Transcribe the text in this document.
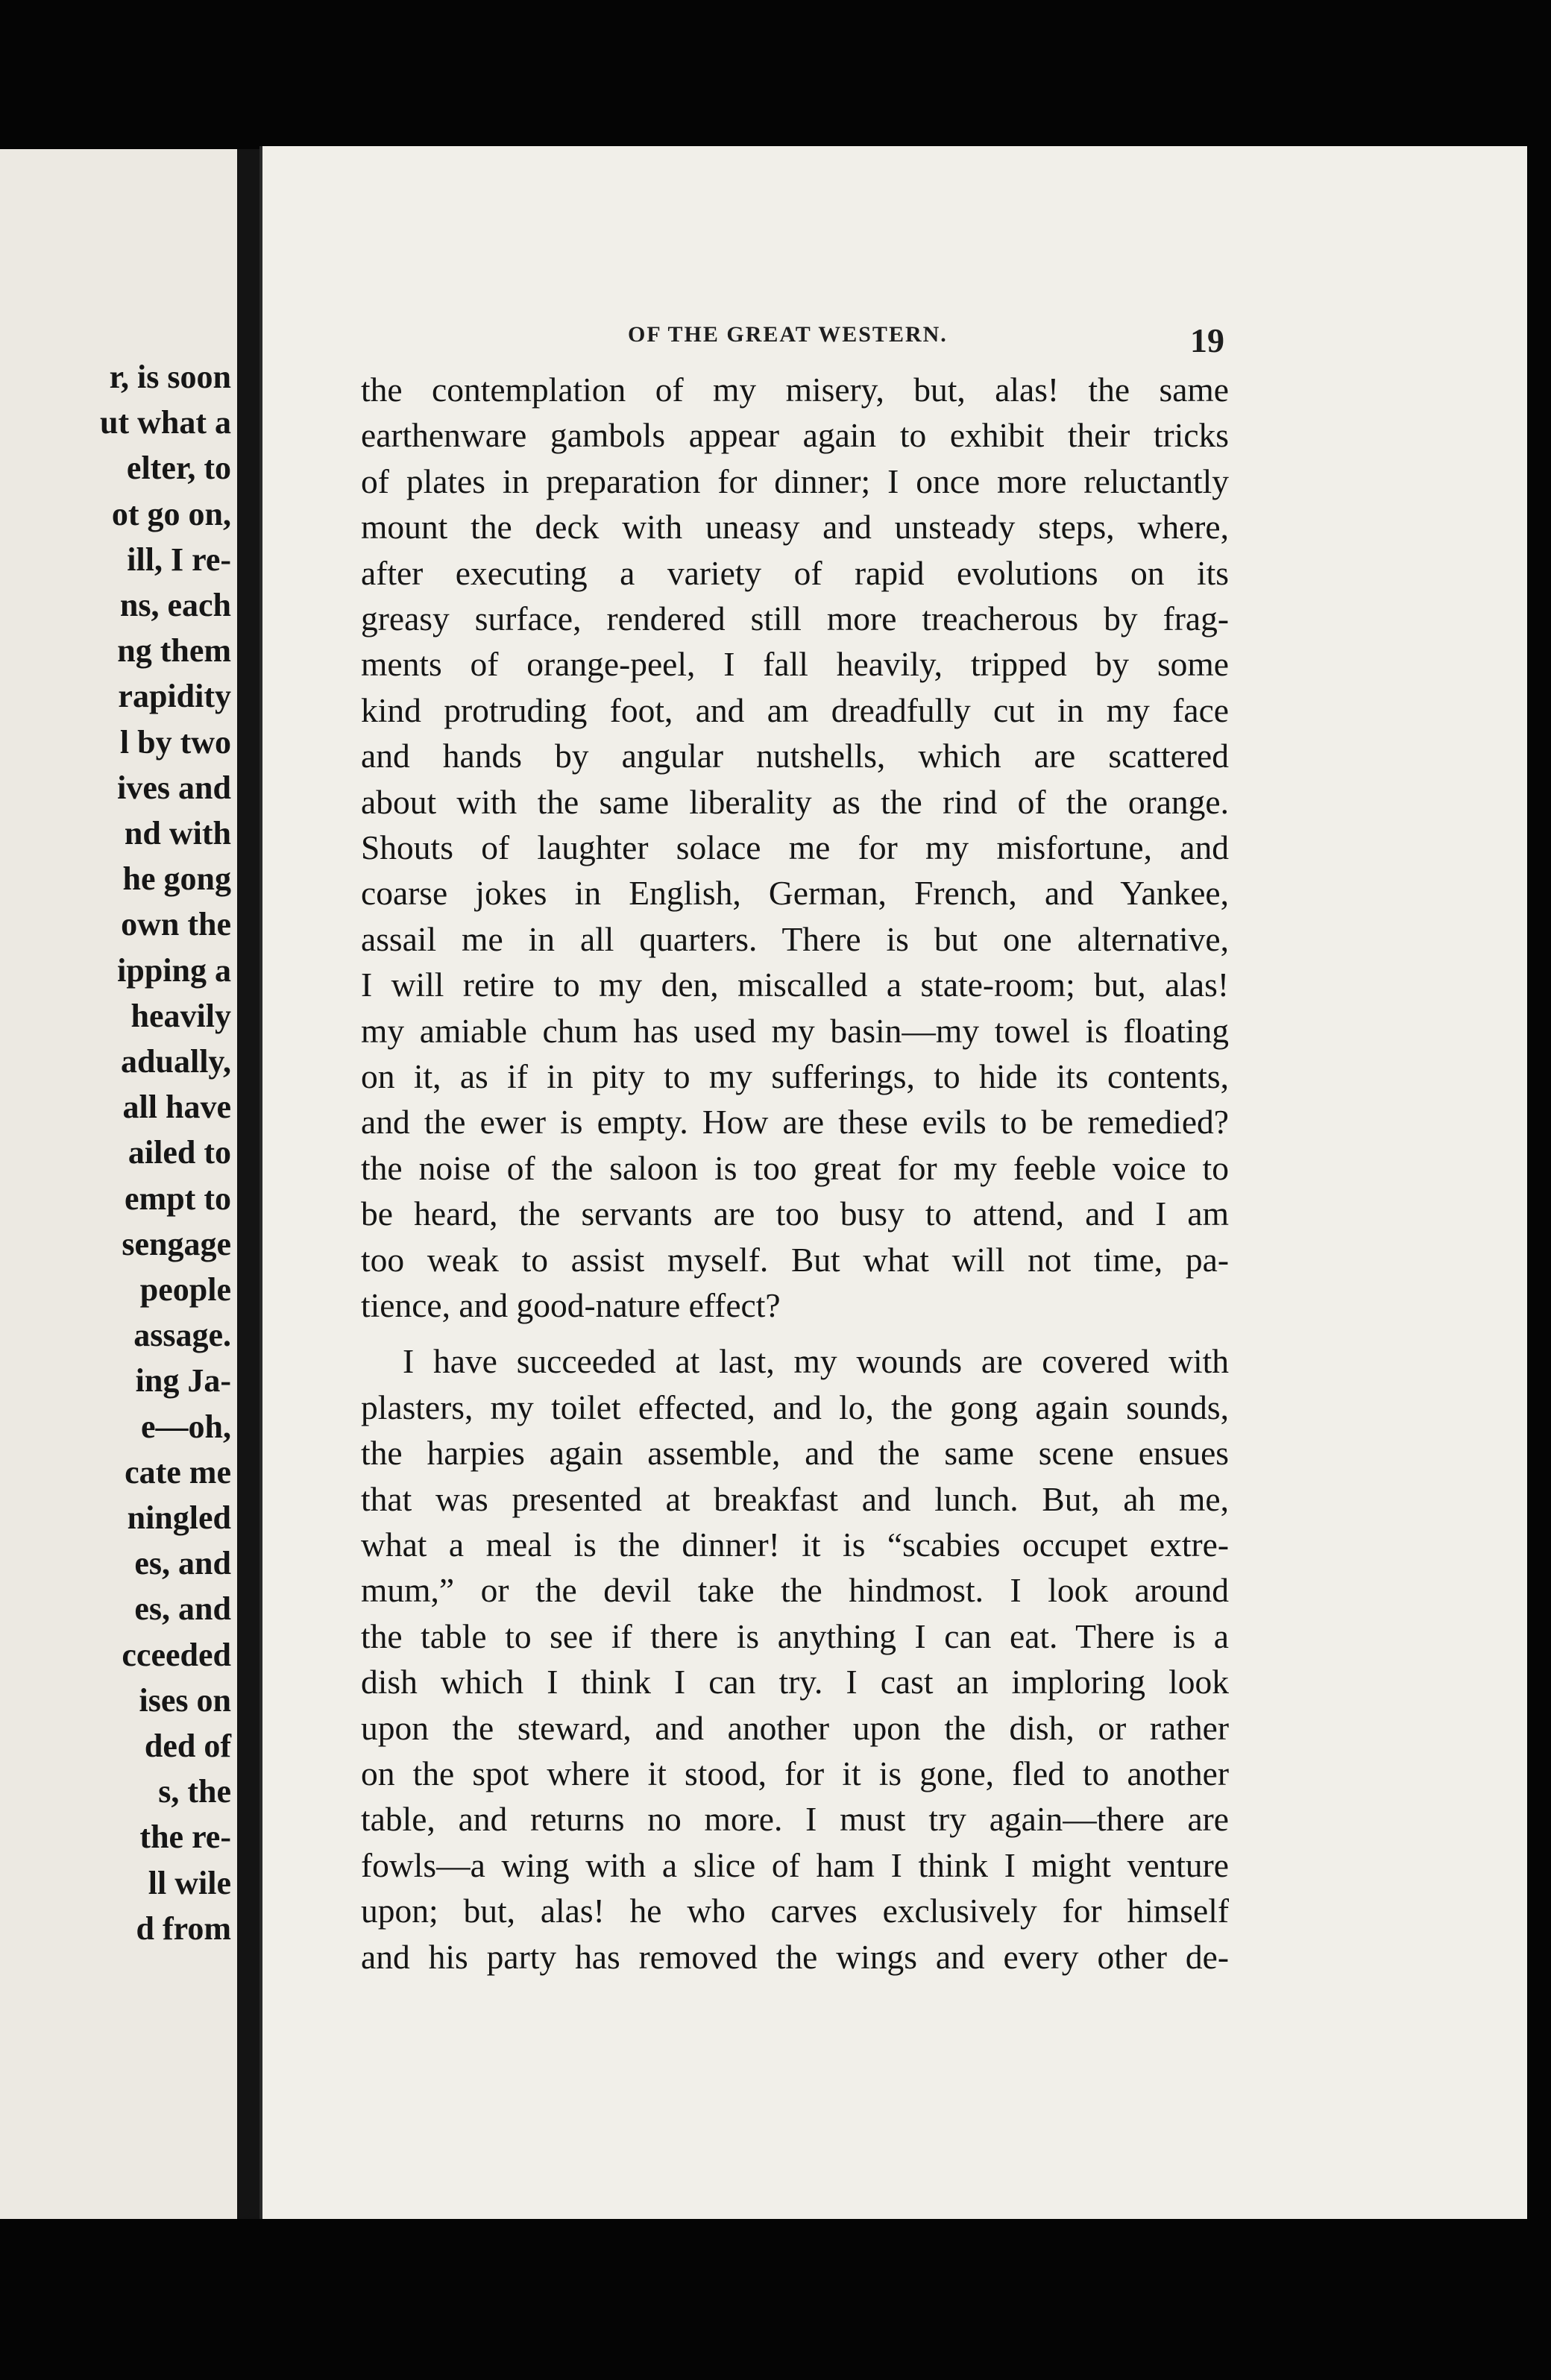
r, is soon
ut what a
elter, to
ot go on,
ill, I re-
ns, each
ng them
rapidity
l by two
ives and
nd with
he gong
own the
ipping a
heavily
adually,
all have
ailed to
empt to
sengage
people
assage.
ing Ja-
e—oh,
cate me
ningled
es, and
es, and
cceeded
ises on
ded of
s, the
the re-
ll wile
d from
OF THE GREAT WESTERN.	19
the contemplation of my misery, but, alas! the same
earthenware gambols appear again to exhibit their tricks
of plates in preparation for dinner; I once more reluctantly
mount the deck with uneasy and unsteady steps, where,
after executing a variety of rapid evolutions on its
greasy surface, rendered still more treacherous by frag-
ments of orange-peel, I fall heavily, tripped by some
kind protruding foot, and am dreadfully cut in my face
and hands by angular nutshells, which are scattered
about with the same liberality as the rind of the orange.
Shouts of laughter solace me for my misfortune, and
coarse jokes in English, German, French, and Yankee,
assail me in all quarters. There is but one alternative,
I will retire to my den, miscalled a state-room; but, alas!
my amiable chum has used my basin—my towel is floating
on it, as if in pity to my sufferings, to hide its contents,
and the ewer is empty. How are these evils to be remedied?
the noise of the saloon is too great for my feeble voice to
be heard, the servants are too busy to attend, and I am
too weak to assist myself. But what will not time, pa-
tience, and good-nature effect?
I have succeeded at last, my wounds are covered with
plasters, my toilet effected, and lo, the gong again sounds,
the harpies again assemble, and the same scene ensues
that was presented at breakfast and lunch. But, ah me,
what a meal is the dinner! it is “scabies occupet extre-
mum,” or the devil take the hindmost. I look around
the table to see if there is anything I can eat. There is a
dish which I think I can try. I cast an imploring look
upon the steward, and another upon the dish, or rather
on the spot where it stood, for it is gone, fled to another
table, and returns no more. I must try again—there are
fowls—a wing with a slice of ham I think I might venture
upon; but, alas! he who carves exclusively for himself
and his party has removed the wings and every other de-
